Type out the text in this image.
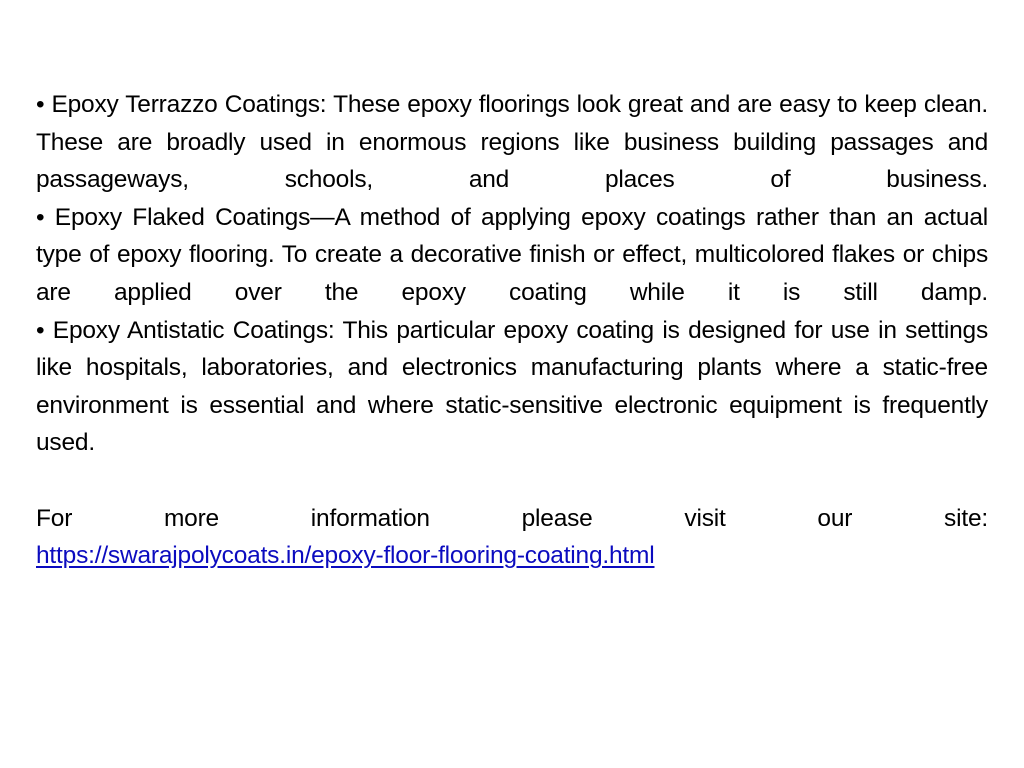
• Epoxy Terrazzo Coatings: These epoxy floorings look great and are easy to keep clean. These are broadly used in enormous regions like business building passages and passageways, schools, and places of business.

• Epoxy Flaked Coatings—A method of applying epoxy coatings rather than an actual type of epoxy flooring. To create a decorative finish or effect, multicolored flakes or chips are applied over the epoxy coating while it is still damp.

• Epoxy Antistatic Coatings: This particular epoxy coating is designed for use in settings like hospitals, laboratories, and electronics manufacturing plants where a static-free environment is essential and where static-sensitive electronic equipment is frequently used.

For more information please visit our site:

https://swarajpolycoats.in/epoxy-floor-flooring-coating.html
